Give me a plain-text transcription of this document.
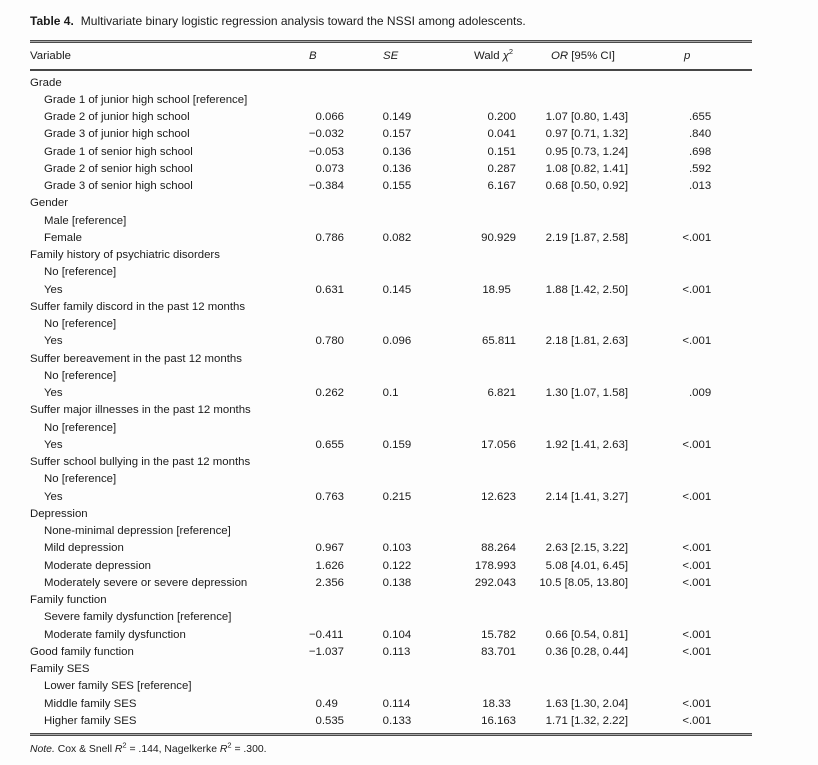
Table 4. Multivariate binary logistic regression analysis toward the NSSI among adolescents.
Variable	B	SE	Wald $\chi^2$	OR [95% CI]	p
Grade
Grade 1 of junior high school [reference]
Grade 2 of junior high school	0 .066	0 .149	0 .200	1 .07 [0.80, 1.43]	.655
Grade 3 of junior high school	−0 .032	0 .157	0 .041	0 .97 [0.71, 1.32]	.840
Grade 1 of senior high school	−0 .053	0 .136	0 .151	0 .95 [0.73, 1.24]	.698
Grade 2 of senior high school	0 .073	0 .136	0 .287	1 .08 [0.82, 1.41]	.592
Grade 3 of senior high school	−0 .384	0 .155	6 .167	0 .68 [0.50, 0.92]	.013
Gender
Male [reference]
Female	0 .786	0 .082	90 .929	2 .19 [1.87, 2.58]	< .001
Family history of psychiatric disorders
No [reference]
Yes	0 .631	0 .145	18 .95	1 .88 [1.42, 2.50]	< .001
Suffer family discord in the past 12 months
No [reference]
Yes	0 .780	0 .096	65 .811	2 .18 [1.81, 2.63]	< .001
Suffer bereavement in the past 12 months
No [reference]
Yes	0 .262	0 .1	6 .821	1 .30 [1.07, 1.58]	.009
Suffer major illnesses in the past 12 months
No [reference]
Yes	0 .655	0 .159	17 .056	1 .92 [1.41, 2.63]	< .001
Suffer school bullying in the past 12 months
No [reference]
Yes	0 .763	0 .215	12 .623	2 .14 [1.41, 3.27]	< .001
Depression
None-minimal depression [reference]
Mild depression	0 .967	0 .103	88 .264	2 .63 [2.15, 3.22]	< .001
Moderate depression	1 .626	0 .122	178 .993	5 .08 [4.01, 6.45]	< .001
Moderately severe or severe depression	2 .356	0 .138	292 .043	10 .5 [8.05, 13.80]	< .001
Family function
Severe family dysfunction [reference]
Moderate family dysfunction	−0 .411	0 .104	15 .782	0 .66 [0.54, 0.81]	< .001
Good family function	−1 .037	0 .113	83 .701	0 .36 [0.28, 0.44]	< .001
Family SES
Lower family SES [reference]
Middle family SES	0 .49	0 .114	18 .33	1 .63 [1.30, 2.04]	< .001
Higher family SES	0 .535	0 .133	16 .163	1 .71 [1.32, 2.22]	< .001
Note. Cox & Snell $R^2 = .144$, Nagelkerke $R^2 = .300$.
